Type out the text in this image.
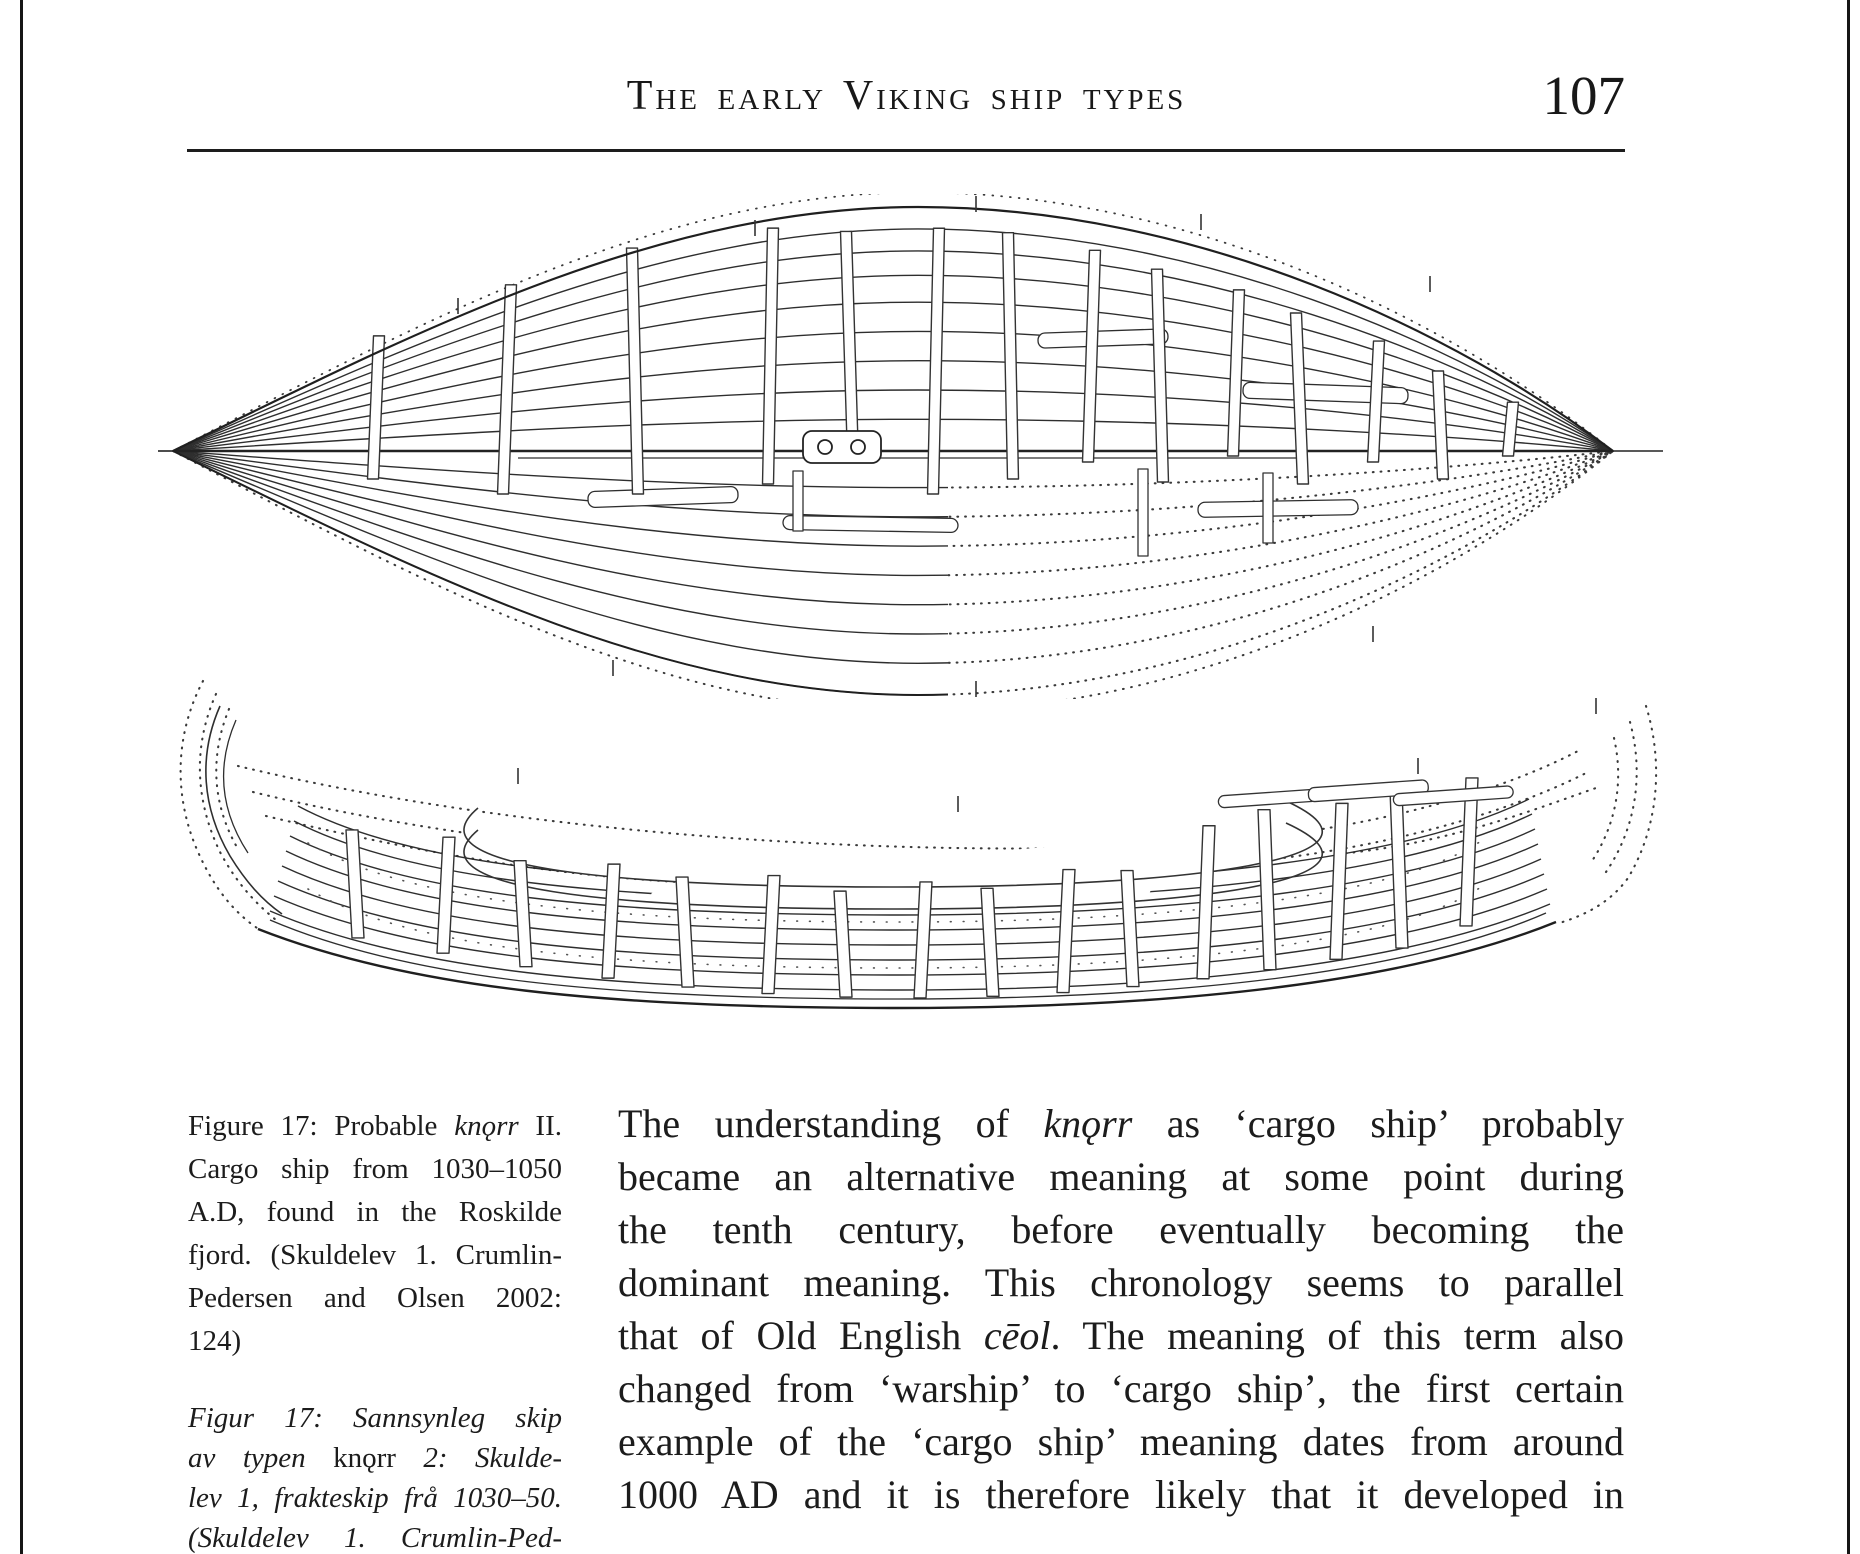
The early Viking ship types	107
Figure 17: Probable knǫrr II.
Cargo ship from 1030–1050
A.D, found in the Roskilde
fjord. (Skuldelev 1. Crumlin-
Pedersen and Olsen 2002:
124)
Figur 17: Sannsynleg skip
av typen knǫrr 2: Skulde-
lev 1, frakteskip frå 1030–50.
(Skuldelev 1. Crumlin-Ped-
The understanding of knǫrr as ‘cargo ship’ probably
became an alternative meaning at some point during
the tenth century, before eventually becoming the
dominant meaning. This chronology seems to parallel
that of Old English cēol. The meaning of this term also
changed from ‘warship’ to ‘cargo ship’, the first certain
example of the ‘cargo ship’ meaning dates from around
1000 AD and it is therefore likely that it developed in
